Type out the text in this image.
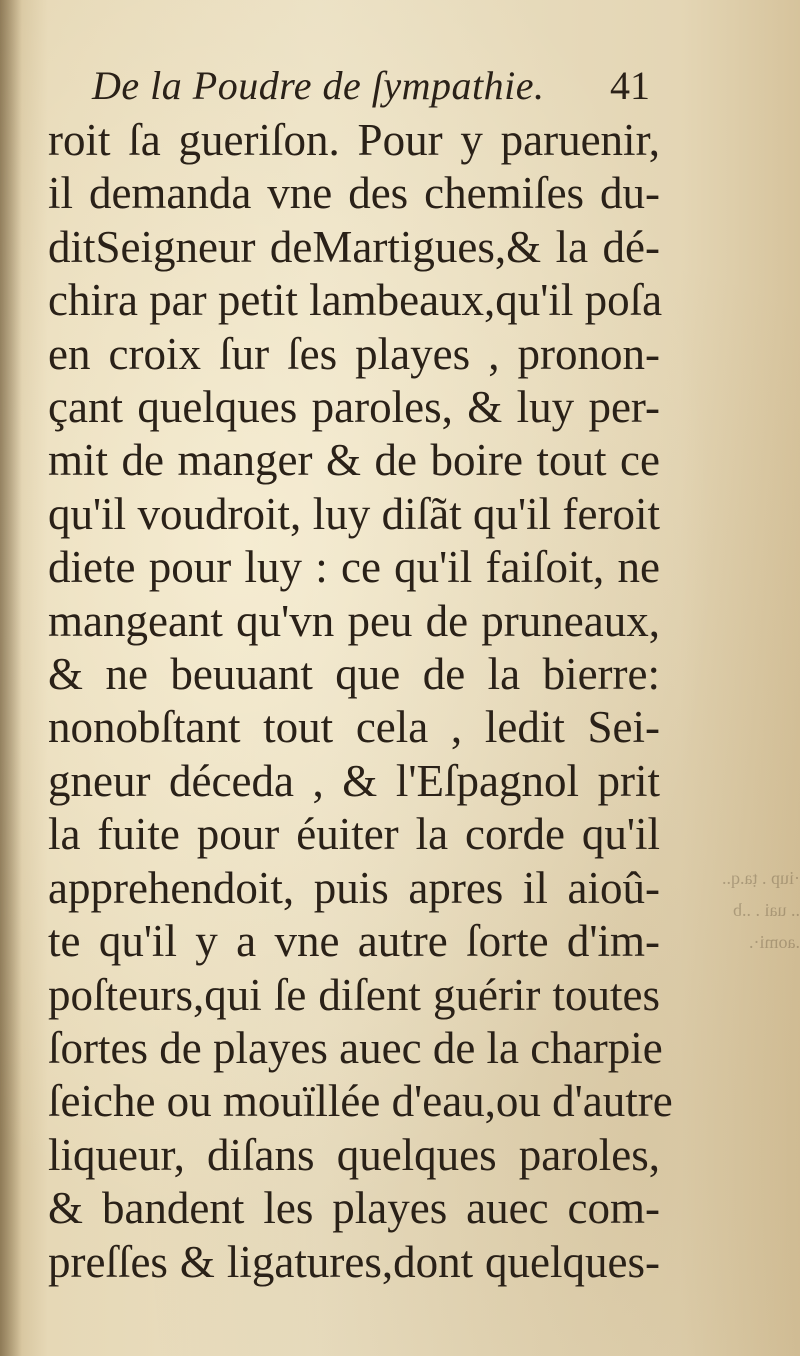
De la Poudre de ſympathie. 41
roit ſa gueriſon. Pour y paruenir,
il demanda vne des chemiſes du-
ditSeigneur deMartigues,& la dé-
chira par petit lambeaux,qu'il poſa
en croix ſur ſes playes , pronon-
çant quelques paroles, & luy per-
mit de manger & de boire tout ce
qu'il voudroit, luy diſãt qu'il feroit
diete pour luy : ce qu'il faiſoit, ne
mangeant qu'vn peu de pruneaux,
& ne beuuant que de la bierre:
nonobſtant tout cela , ledit Sei-
gneur déceda , & l'Eſpagnol prit
la fuite pour éuiter la corde qu'il
apprehendoit, puis apres il aioû-
te qu'il y a vne autre ſorte d'im-
poſteurs,qui ſe diſent guérir toutes
ſortes de playes auec de la charpie
ſeiche ou mouïllée d'eau,ou d'autre
liqueur, diſans quelques paroles,
& bandent les playes auec com-
preſſes & ligatures,dont quelques-
·iup . ṭa.q..
.. uai . ..b
.aomi·.
